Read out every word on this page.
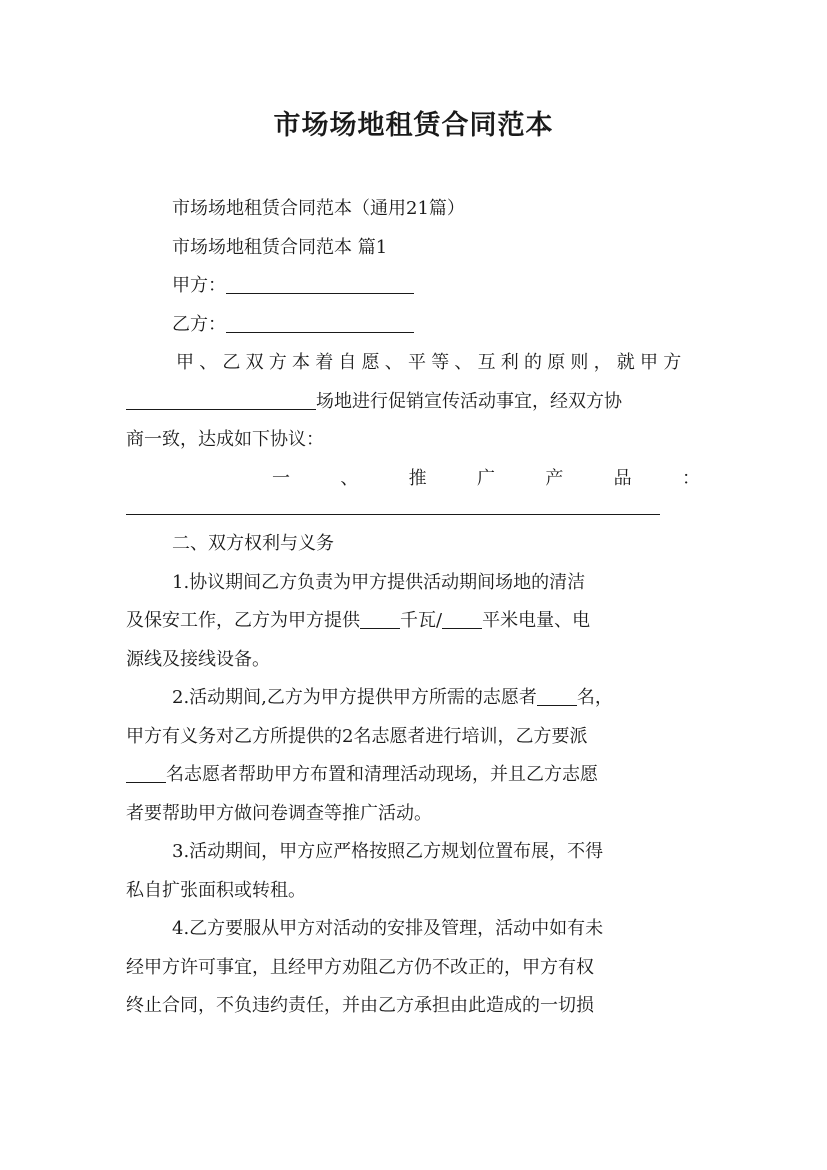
市场场地租赁合同范本
市场场地租赁合同范本（通用21篇）
市场场地租赁合同范本 篇1
甲方：
乙方：
甲、乙双方本着自愿、平等、互利的原则，就甲方
场地进行促销宣传活动事宜，经双方协
商一致，达成如下协议：
一	、	推	广	产	品	：
二、双方权利与义务
1.协议期间乙方负责为甲方提供活动期间场地的清洁
及保安工作，乙方为甲方提供 千瓦/ 平米电量、电
源线及接线设备。
2.活动期间,乙方为甲方提供甲方所需的志愿者 名，
甲方有义务对乙方所提供的2名志愿者进行培训，乙方要派
名志愿者帮助甲方布置和清理活动现场，并且乙方志愿
者要帮助甲方做问卷调查等推广活动。
3.活动期间，甲方应严格按照乙方规划位置布展，不得
私自扩张面积或转租。
4.乙方要服从甲方对活动的安排及管理，活动中如有未
经甲方许可事宜，且经甲方劝阻乙方仍不改正的，甲方有权
终止合同，不负违约责任，并由乙方承担由此造成的一切损
